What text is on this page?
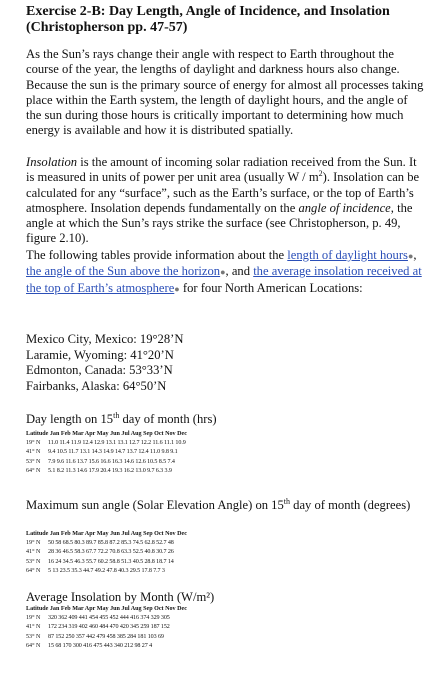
Exercise 2-B: Day Length, Angle of Incidence, and Insolation (Christopherson pp. 47-57)

As the Sun’s rays change their angle with respect to Earth throughout the course of the year, the lengths of daylight and darkness hours also change. Because the sun is the primary source of energy for almost all processes taking place within the Earth system, the length of daylight hours, and the angle of the sun during those hours is critically important to determining how much energy is available and how it is distributed spatially.

Insolation is the amount of incoming solar radiation received from the Sun. It is measured in units of power per unit area (usually W / $m^2$). Insolation can be calculated for any “surface”, such as the Earth’s surface, or the top of Earth’s atmosphere. Insolation depends fundamentally on the angle of incidence, the angle at which the Sun’s rays strike the surface (see Christopherson, p. 49, figure 2.10).

The following tables provide information about the length of daylight hours●, the angle of the Sun above the horizon●, and the average insolation received at the top of Earth’s atmosphere● for four North American Locations:

Mexico City, Mexico: 19°28’N
Laramie, Wyoming: 41°20’N
Edmonton, Canada: 53°33’N
Fairbanks, Alaska: 64°50’N
Day length on 15th day of month (hrs)
Latitude Jan Feb Mar Apr May Jun Jul Aug Sep Oct Nov Dec
19° N	11.0 11.4 11.9 12.4 12.9 13.1 13.1 12.7 12.2 11.6 11.1 10.9
41° N	9.4 10.5 11.7 13.1 14.3 14.9 14.7 13.7 12.4 11.0 9.8 9.1
53° N	7.9 9.6 11.6 13.7 15.6 16.6 16.3 14.6 12.6 10.5 8.5 7.4
64° N	5.1 8.2 11.3 14.6 17.9 20.4 19.3 16.2 13.0 9.7 6.3 3.9
Maximum sun angle (Solar Elevation Angle) on 15th day of month (degrees)
Latitude Jan Feb Mar Apr May Jun Jul Aug Sep Oct Nov Dec
19° N	50 58 68.5 80.3 89.7 85.8 87.2 85.3 74.5 62.8 52.7 48
41° N	28 36 46.5 58.3 67.7 72.2 70.8 63.3 52.5 40.8 30.7 26
53° N	16 24 34.5 46.3 55.7 60.2 58.8 51.3 40.5 28.8 18.7 14
64° N	5 13 23.5 35.3 44.7 49.2 47.8 40.3 29.5 17.8 7.7 3
Average Insolation by Month (W/m²)
Latitude Jan Feb Mar Apr May Jun Jul Aug Sep Oct Nov Dec
19° N	320 362 409 441 454 455 452 444 416 374 329 305
41° N	172 234 319 402 460 484 470 420 345 259 187 152
53° N	87 152 250 357 442 479 458 385 284 181 103 69
64° N	15 68 170 300 416 475 443 340 212 98 27 4
